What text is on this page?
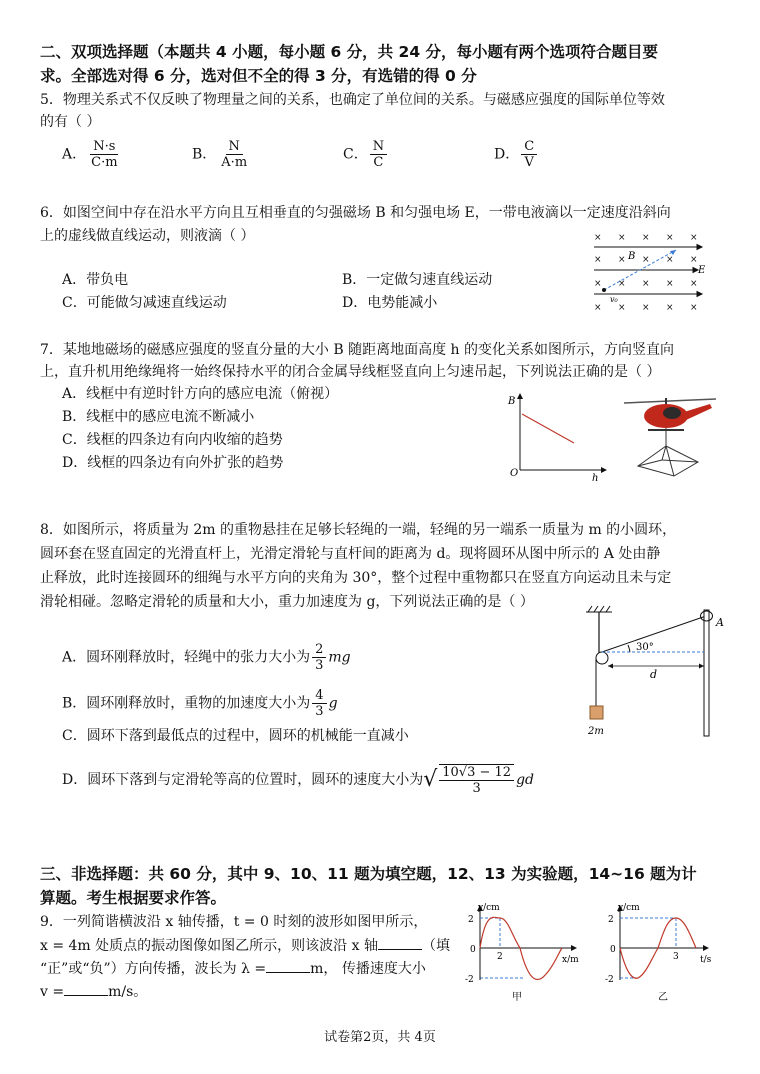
二、双项选择题（本题共 4 小题，每小题 6 分，共 24 分，每小题有两个选项符合题目要
求。全部选对得 6 分，选对但不全的得 3 分，有选错的得 0 分
5．物理关系式不仅反映了物理量之间的关系，也确定了单位间的关系。与磁感应强度的国际单位等效
的有（ ）
A． $\frac{N\cdot s}{C\cdot m}$	B． $\frac{N}{A\cdot m}$	C． $\frac{N}{C}$	D． $\frac{C}{V}$
6．如图空间中存在沿水平方向且互相垂直的匀强磁场 B 和匀强电场 E，一带电液滴以一定速度沿斜向
上的虚线做直线运动，则液滴（ ）
A．带负电	B．一定做匀速直线运动
C．可能做匀减速直线运动	D．电势能减小
× × × × ×
× × × × ×
× × × × ×
× × × × ×
B
E
v₀
7．某地地磁场的磁感应强度的竖直分量的大小 B 随距离地面高度 h 的变化关系如图所示，方向竖直向
上，直升机用绝缘绳将一始终保持水平的闭合金属导线框竖直向上匀速吊起，下列说法正确的是（ ）
A．线框中有逆时针方向的感应电流（俯视）
B．线框中的感应电流不断减小
C．线框的四条边有向内收缩的趋势
D．线框的四条边有向外扩张的趋势
B
h
O
8．如图所示，将质量为 2m 的重物悬挂在足够长轻绳的一端，轻绳的另一端系一质量为 m 的小圆环，
圆环套在竖直固定的光滑直杆上，光滑定滑轮与直杆间的距离为 d。现将圆环从图中所示的 A 处由静
止释放，此时连接圆环的细绳与水平方向的夹角为 30°，整个过程中重物都只在竖直方向运动且未与定
滑轮相碰。忽略定滑轮的质量和大小，重力加速度为 g，下列说法正确的是（ ）
A．圆环刚释放时，轻绳中的张力大小为 $\frac{2}{3}$ mg
B．圆环刚释放时，重物的加速度大小为 $\frac{4}{3}$ g
C．圆环下落到最低点的过程中，圆环的机械能一直减小
D．圆环下落到与定滑轮等高的位置时，圆环的速度大小为√ $\frac{10√3 - 12}{3}$ gd
30°
d
A
2m
三、非选择题：共 60 分，其中 9、10、11 题为填空题，12、13 为实验题，14~16 题为计
算题。考生根据要求作答。
9．一列简谐横波沿 x 轴传播，t = 0 时刻的波形如图甲所示，
x = 4m 处质点的振动图像如图乙所示，则该波沿 x 轴	（填
“正”或“负”）方向传播，波长为 λ =	m， 传播速度大小
v =	m/s。
y/cm
x/m
2
-2
0
2
甲
y/cm
t/s
2
-2
0
3
乙
试卷第2页，共 4页
